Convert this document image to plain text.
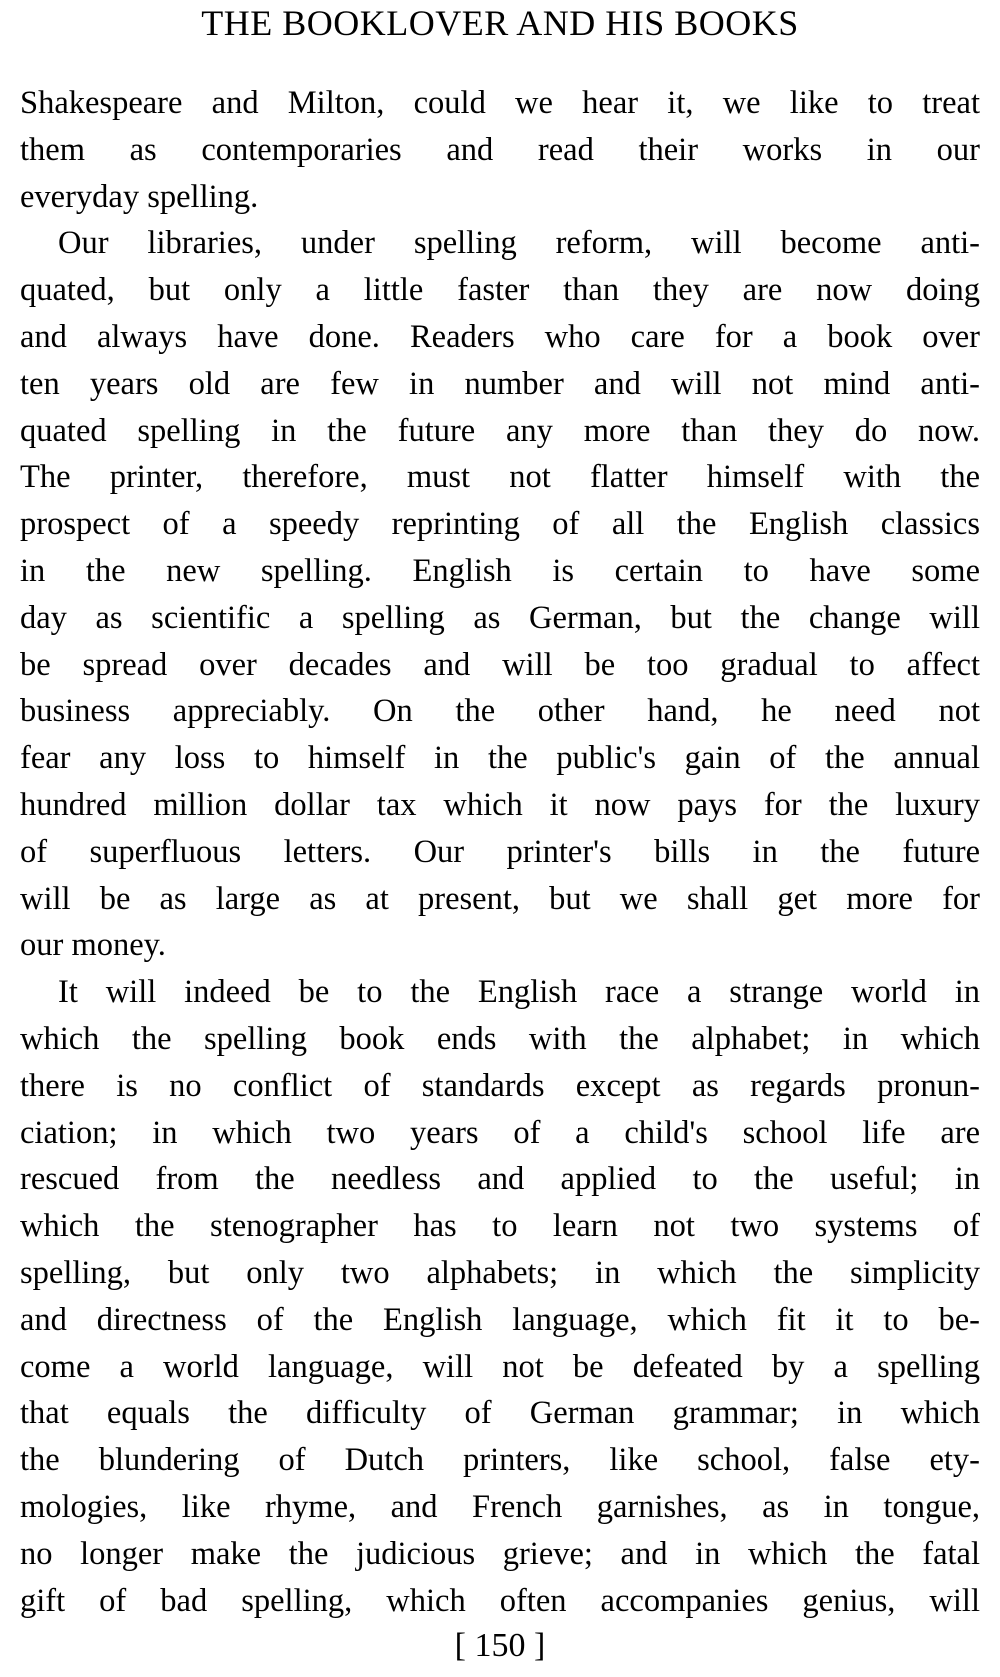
THE BOOKLOVER AND HIS BOOKS
Shakespeare and Milton, could we hear it, we like to treat
them as contemporaries and read their works in our
everyday spelling.
Our libraries, under spelling reform, will become anti-
quated, but only a little faster than they are now doing
and always have done. Readers who care for a book over
ten years old are few in number and will not mind anti-
quated spelling in the future any more than they do now.
The printer, therefore, must not flatter himself with the
prospect of a speedy reprinting of all the English classics
in the new spelling. English is certain to have some
day as scientific a spelling as German, but the change will
be spread over decades and will be too gradual to affect
business appreciably. On the other hand, he need not
fear any loss to himself in the public's gain of the annual
hundred million dollar tax which it now pays for the luxury
of superfluous letters. Our printer's bills in the future
will be as large as at present, but we shall get more for
our money.
It will indeed be to the English race a strange world in
which the spelling book ends with the alphabet; in which
there is no conflict of standards except as regards pronun-
ciation; in which two years of a child's school life are
rescued from the needless and applied to the useful; in
which the stenographer has to learn not two systems of
spelling, but only two alphabets; in which the simplicity
and directness of the English language, which fit it to be-
come a world language, will not be defeated by a spelling
that equals the difficulty of German grammar; in which
the blundering of Dutch printers, like school, false ety-
mologies, like rhyme, and French garnishes, as in tongue,
no longer make the judicious grieve; and in which the fatal
gift of bad spelling, which often accompanies genius, will
[ 150 ]
